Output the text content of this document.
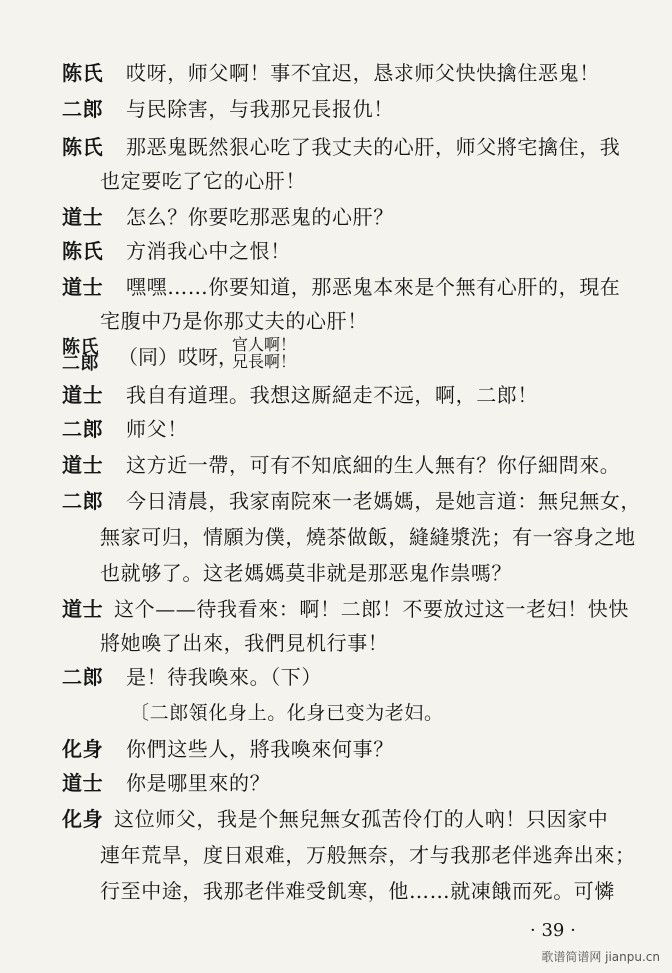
陈氏 哎呀，师父啊！事不宜迟，恳求师父快快擒住恶鬼！
二郎 与民除害，与我那兄長报仇！
陈氏 那恶鬼既然狠心吃了我丈夫的心肝，师父將宅擒住，我
也定要吃了它的心肝！
道士 怎么？你要吃那恶鬼的心肝？
陈氏 方消我心中之恨！
道士 嘿嘿……你要知道，那恶鬼本來是个無有心肝的，現在
宅腹中乃是你那丈夫的心肝！
陈氏
二郎 （同）哎呀，
官人啊！
兄長啊！
道士 我自有道理。我想这厮絕走不远，啊，二郎！
二郎 师父！
道士 这方近一帶，可有不知底細的生人無有？你仔細問來。
二郎 今日清晨，我家南院來一老媽媽，是她言道：無兒無女，
無家可归，情願为僕，燒茶做飯，縫縫漿洗；有一容身之地
也就够了。这老媽媽莫非就是那恶鬼作祟嗎？
道士 这个——待我看來：啊！二郎！不要放过这一老妇！快快
將她喚了出來，我們見机行事！
二郎 是！待我喚來。（下）
〔二郎領化身上。化身已变为老妇。
化身 你們这些人，將我喚來何事？
道士 你是哪里來的？
化身 这位师父，我是个無兒無女孤苦伶仃的人吶！只因家中
連年荒旱，度日艰难，万般無奈，才与我那老伴逃奔出來；
行至中途，我那老伴难受飢寒，他……就凍餓而死。可憐
· 39 ·
歌谱简谱网 jianpu.cn
